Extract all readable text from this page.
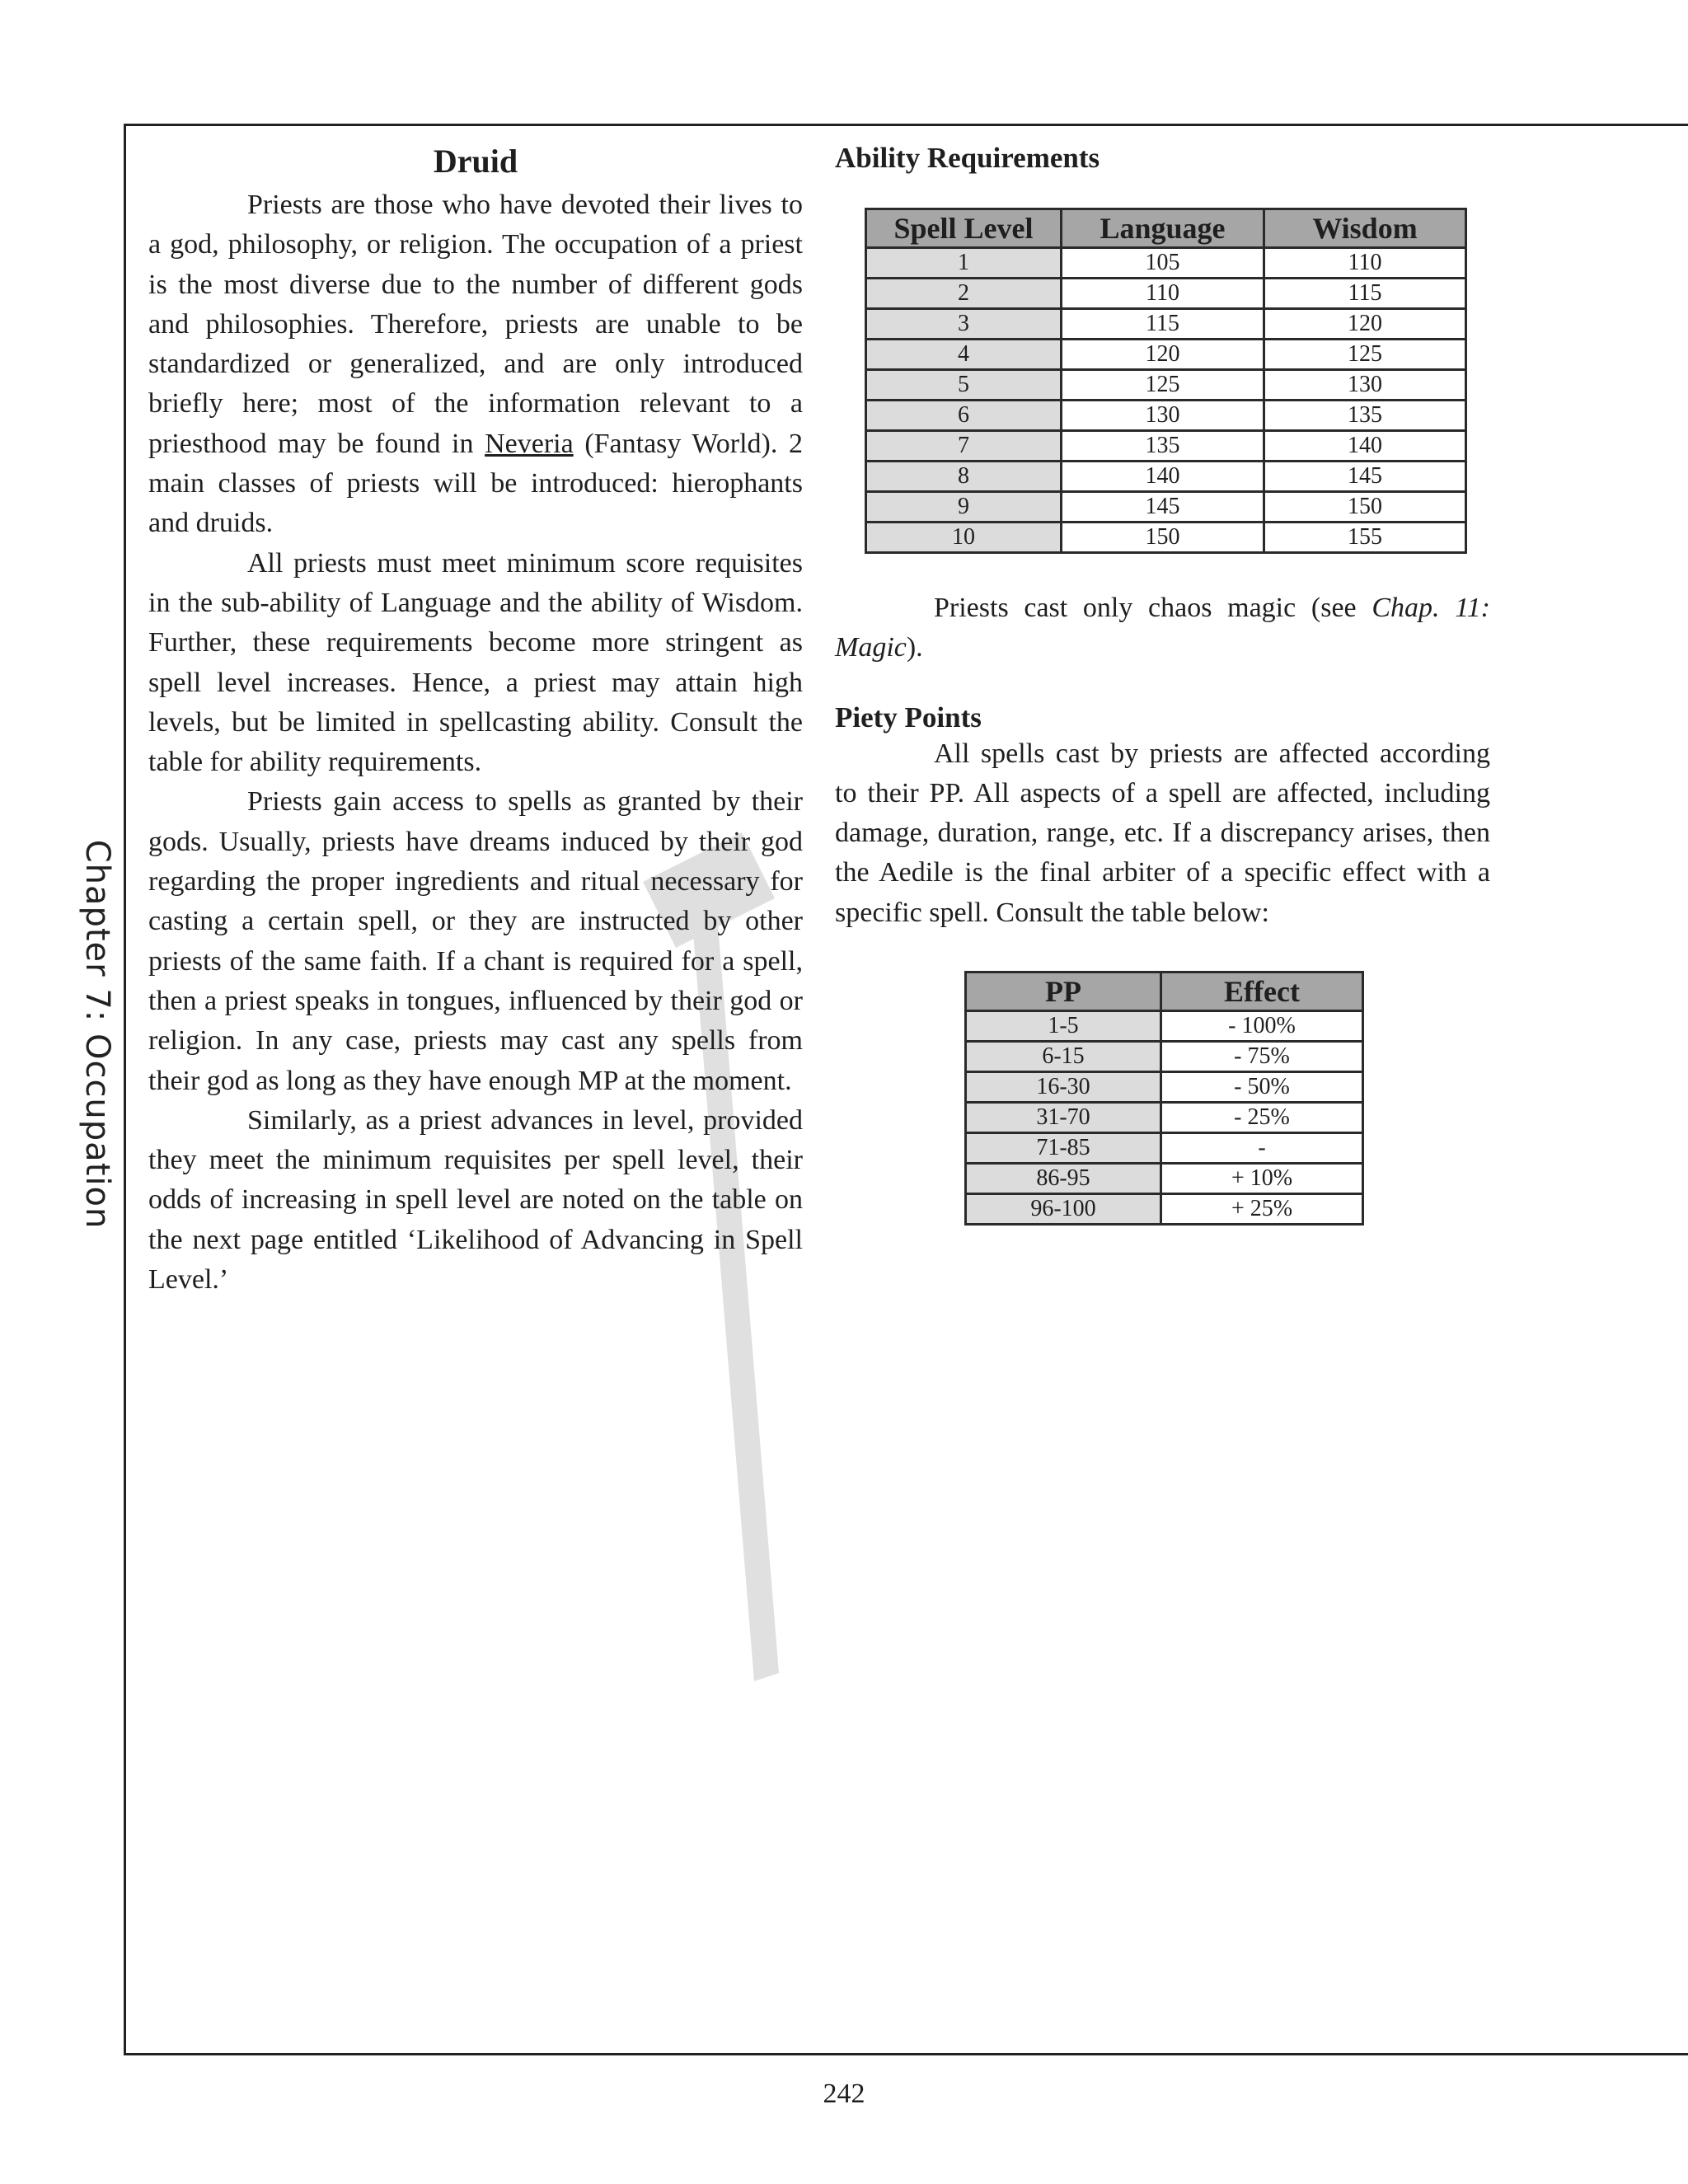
Chapter 7: Occupation
Druid

Priests are those who have devoted their lives to a god, philosophy, or religion. The occupation of a priest is the most diverse due to the number of different gods and philosophies. Therefore, priests are unable to be standardized or generalized, and are only introduced briefly here; most of the information relevant to a priesthood may be found in Neveria (Fantasy World). 2 main classes of priests will be introduced: hierophants and druids.

All priests must meet minimum score requisites in the sub-ability of Language and the ability of Wisdom. Further, these requirements become more stringent as spell level increases. Hence, a priest may attain high levels, but be limited in spellcasting ability. Consult the table for ability requirements.

Priests gain access to spells as granted by their gods. Usually, priests have dreams induced by their god regarding the proper ingredients and ritual necessary for casting a certain spell, or they are instructed by other priests of the same faith. If a chant is required for a spell, then a priest speaks in tongues, influenced by their god or religion. In any case, priests may cast any spells from their god as long as they have enough MP at the moment.

Similarly, as a priest advances in level, provided they meet the minimum requisites per spell level, their odds of increasing in spell level are noted on the table on the next page entitled ‘Likelihood of Advancing in Spell Level.’

Ability Requirements
Spell Level	Language	Wisdom
1	105	110
2	110	115
3	115	120
4	120	125
5	125	130
6	130	135
7	135	140
8	140	145
9	145	150
10	150	155

Priests cast only chaos magic (see Chap. 11: Magic).

Piety Points

All spells cast by priests are affected according to their PP. All aspects of a spell are affected, including damage, duration, range, etc. If a discrepancy arises, then the Aedile is the final arbiter of a specific effect with a specific spell. Consult the table below:

PP	Effect
1-5	- 100%
6-15	- 75%
16-30	- 50%
31-70	- 25%
71-85	-
86-95	+ 10%
96-100	+ 25%
242
